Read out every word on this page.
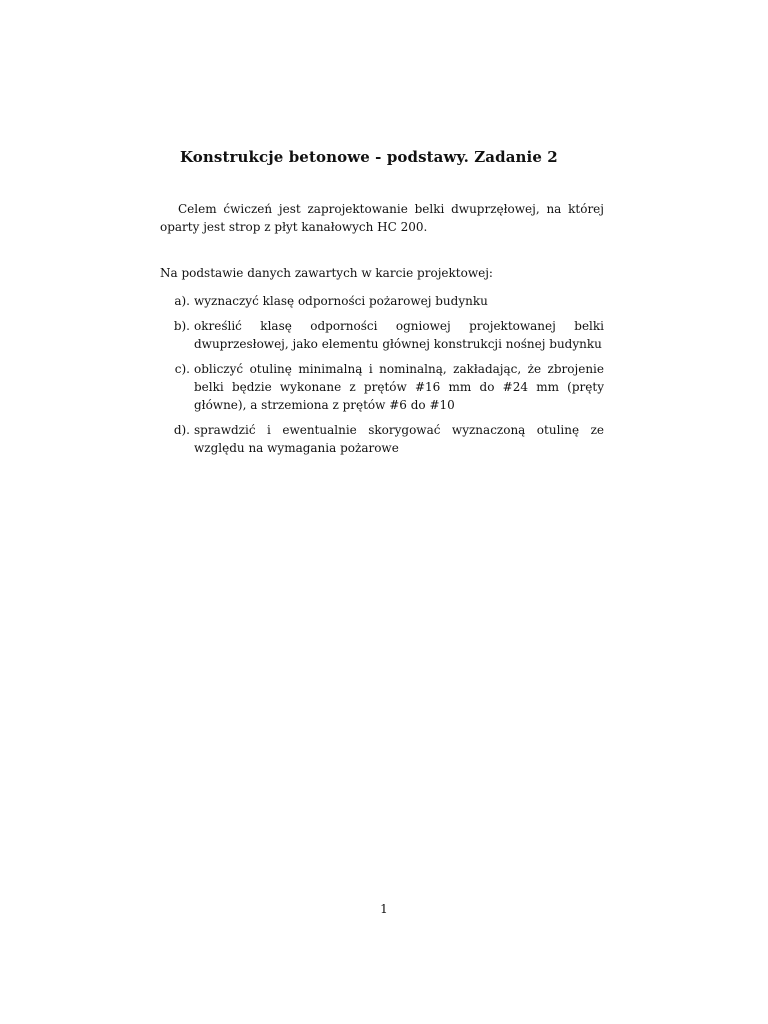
Konstrukcje betonowe - podstawy. Zadanie 2

Celem ćwiczeń jest zaprojektowanie belki dwuprzęłowej, na której oparty jest strop z płyt kanałowych HC 200.

Na podstawie danych zawartych w karcie projektowej:

a). wyznaczyć klasę odporności pożarowej budynku
b). określić klasę odporności ogniowej projektowanej belki dwuprzesłowej, jako elementu głównej konstrukcji nośnej budynku
c). obliczyć otulinę minimalną i nominalną, zakładając, że zbrojenie belki będzie wykonane z prętów #16 mm do #24 mm (pręty główne), a strzemiona z prętów #6 do #10
d). sprawdzić i ewentualnie skorygować wyznaczoną otulinę ze względu na wymagania pożarowe
1
